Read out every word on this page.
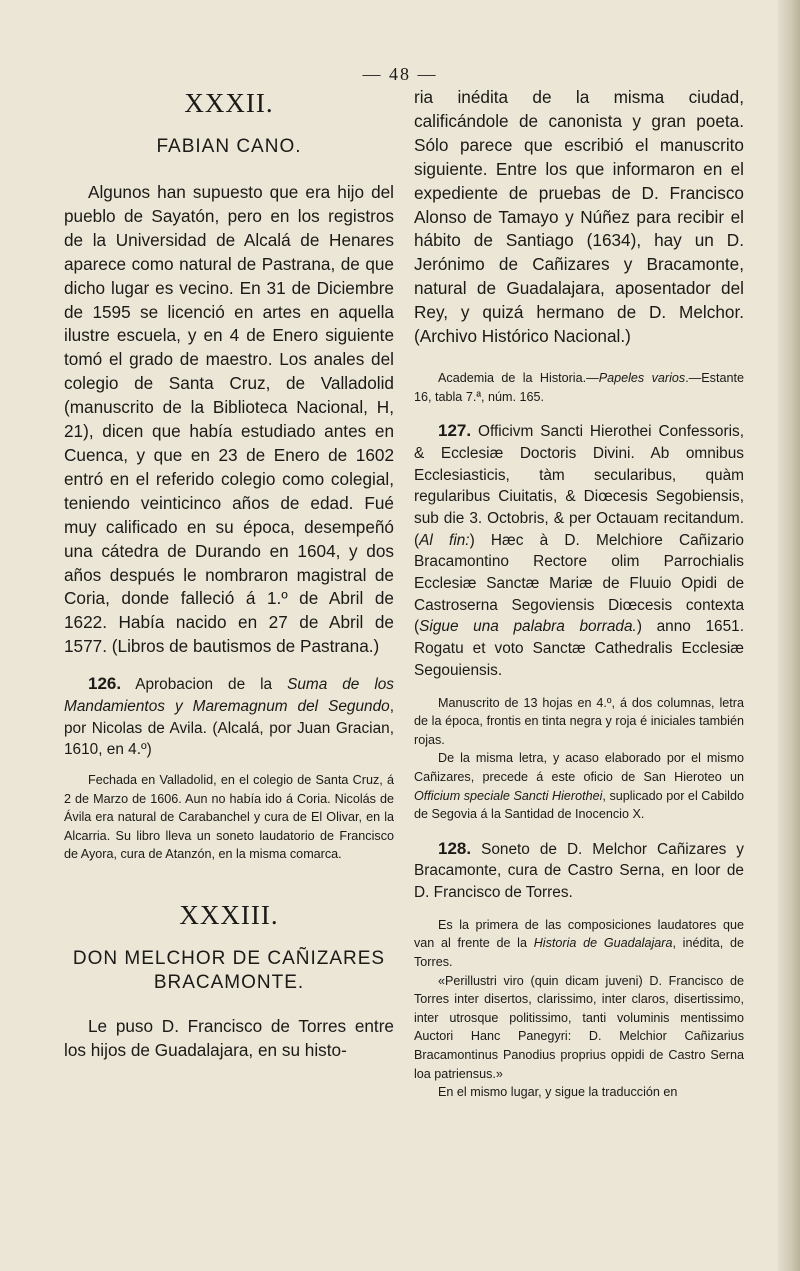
— 48 —
XXXII.
FABIAN CANO.

Algunos han supuesto que era hijo del pueblo de Sayatón, pero en los registros de la Universidad de Alcalá de Henares aparece como natural de Pastrana, de que dicho lugar es vecino. En 31 de Diciembre de 1595 se licenció en artes en aquella ilustre escuela, y en 4 de Enero siguiente tomó el grado de maestro. Los anales del colegio de Santa Cruz, de Valladolid (manuscrito de la Biblioteca Nacional, H, 21), dicen que había estudiado antes en Cuenca, y que en 23 de Enero de 1602 entró en el referido colegio como colegial, teniendo veinticinco años de edad. Fué muy calificado en su época, desempeñó una cátedra de Durando en 1604, y dos años después le nombraron magistral de Coria, donde falleció á 1.º de Abril de 1622. Había nacido en 27 de Abril de 1577. (Libros de bautismos de Pastrana.)

126. Aprobacion de la Suma de los Mandamientos y Maremagnum del Segundo, por Nicolas de Avila. (Alcalá, por Juan Gracian, 1610, en 4.º)

Fechada en Valladolid, en el colegio de Santa Cruz, á 2 de Marzo de 1606. Aun no había ido á Coria. Nicolás de Ávila era natural de Carabanchel y cura de El Olivar, en la Alcarria. Su libro lleva un soneto laudatorio de Francisco de Ayora, cura de Atanzón, en la misma comarca.

XXXIII.
DON MELCHOR DE CAÑIZARES BRACAMONTE.

Le puso D. Francisco de Torres entre los hijos de Guadalajara, en su histo-

ria inédita de la misma ciudad, calificándole de canonista y gran poeta. Sólo parece que escribió el manuscrito siguiente. Entre los que informaron en el expediente de pruebas de D. Francisco Alonso de Tamayo y Núñez para recibir el hábito de Santiago (1634), hay un D. Jerónimo de Cañizares y Bracamonte, natural de Guadalajara, aposentador del Rey, y quizá hermano de D. Melchor. (Archivo Histórico Nacional.)

Academia de la Historia.—Papeles varios.—Estante 16, tabla 7.ª, núm. 165.

127. Officivm Sancti Hierothei Confessoris, & Ecclesiæ Doctoris Divini. Ab omnibus Ecclesiasticis, tàm secularibus, quàm regularibus Ciuitatis, & Diœcesis Segobiensis, sub die 3. Octobris, & per Octauam recitandum. (Al fin:) Hæc à D. Melchiore Cañizario Bracamontino Rectore olim Parrochialis Ecclesiæ Sanctæ Mariæ de Fluuio Opidi de Castroserna Segoviensis Diœcesis contexta (Sigue una palabra borrada.) anno 1651. Rogatu et voto Sanctæ Cathedralis Ecclesiæ Segouiensis.

Manuscrito de 13 hojas en 4.º, á dos columnas, letra de la época, frontis en tinta negra y roja é iniciales también rojas.

De la misma letra, y acaso elaborado por el mismo Cañizares, precede á este oficio de San Hieroteo un Officium speciale Sancti Hierothei, suplicado por el Cabildo de Segovia á la Santidad de Inocencio X.

128. Soneto de D. Melchor Cañizares y Bracamonte, cura de Castro Serna, en loor de D. Francisco de Torres.

Es la primera de las composiciones laudatores que van al frente de la Historia de Guadalajara, inédita, de Torres.

«Perillustri viro (quin dicam juveni) D. Francisco de Torres inter disertos, clarissimo, inter claros, disertissimo, inter utrosque politissimo, tanti voluminis mentissimo Auctori Hanc Panegyri: D. Melchior Cañizarius Bracamontinus Panodius proprius oppidi de Castro Serna loa patriensus.»

En el mismo lugar, y sigue la traducción en
